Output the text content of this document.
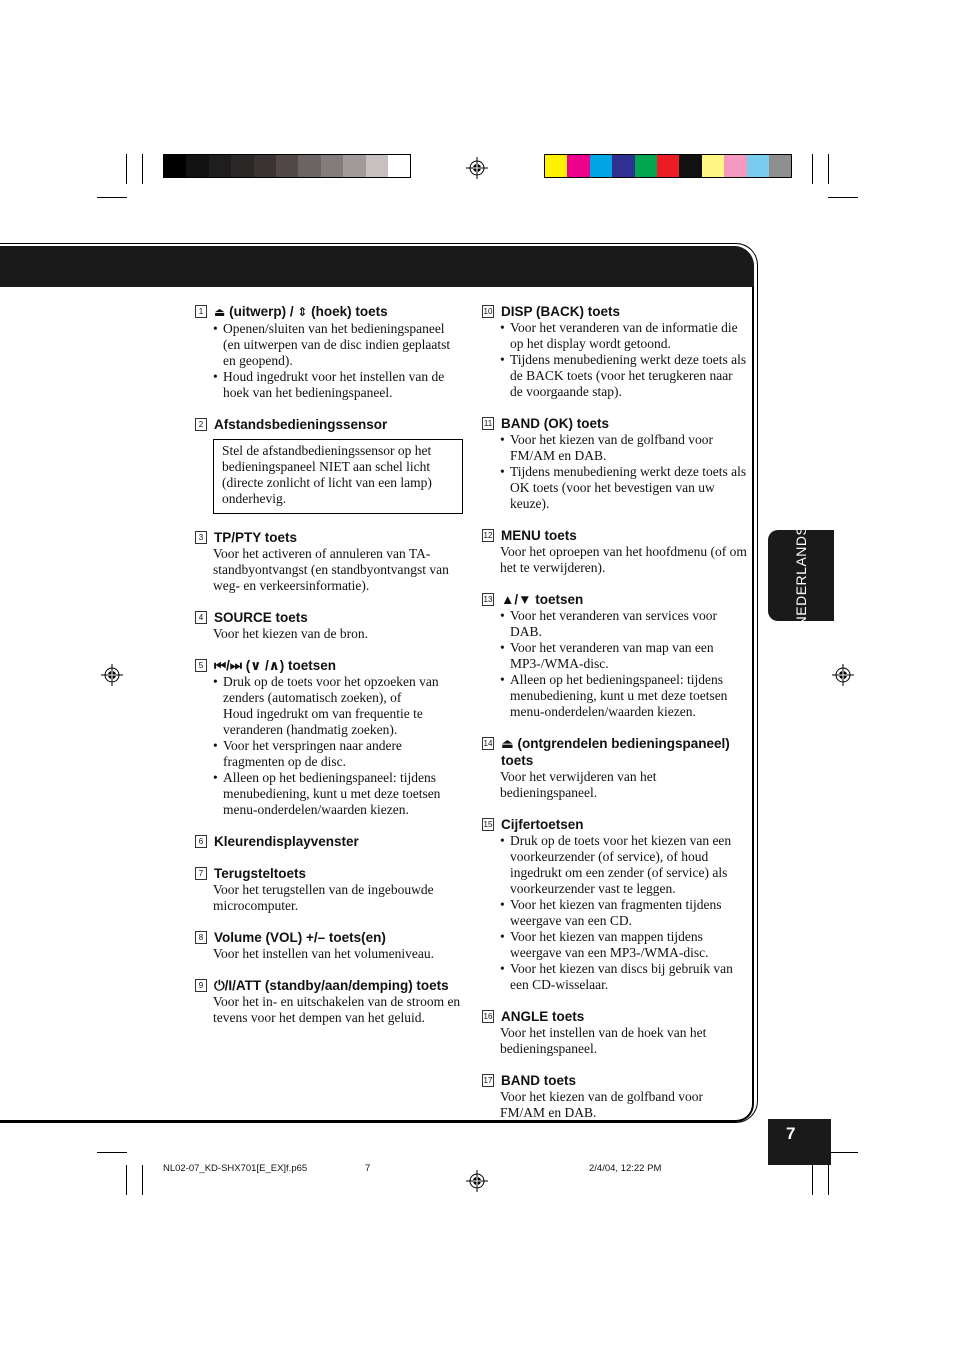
1 ⏏ (uitwerp) / ⇕ (hoek) toets
• Openen/sluiten van het bedieningspaneel (en uitwerpen van de disc indien geplaatst en geopend).
• Houd ingedrukt voor het instellen van de hoek van het bedieningspaneel.
2 Afstandsbedieningssensor
Stel de afstandbedieningssensor op het bedieningspaneel NIET aan schel licht (directe zonlicht of licht van een lamp) onderhevig.
3 TP/PTY toets
Voor het activeren of annuleren van TA-standbyontvangst (en standbyontvangst van weg- en verkeersinformatie).
4 SOURCE toets
Voor het kiezen van de bron.
5 ⏮/⏭ (∨ /∧) toetsen
• Druk op de toets voor het opzoeken van zenders (automatisch zoeken), of
Houd ingedrukt om van frequentie te veranderen (handmatig zoeken).
• Voor het verspringen naar andere fragmenten op de disc.
• Alleen op het bedieningspaneel: tijdens menubediening, kunt u met deze toetsen menu-onderdelen/waarden kiezen.
6 Kleurendisplayvenster
7 Terugsteltoets
Voor het terugstellen van de ingebouwde microcomputer.
8 Volume (VOL) +/– toets(en)
Voor het instellen van het volumeniveau.
9 ⏻/I/ATT (standby/aan/demping) toets
Voor het in- en uitschakelen van de stroom en tevens voor het dempen van het geluid.
10 DISP (BACK) toets
• Voor het veranderen van de informatie die op het display wordt getoond.
• Tijdens menubediening werkt deze toets als de BACK toets (voor het terugkeren naar de voorgaande stap).
11 BAND (OK) toets
• Voor het kiezen van de golfband voor FM/AM en DAB.
• Tijdens menubediening werkt deze toets als OK toets (voor het bevestigen van uw keuze).
12 MENU toets
Voor het oproepen van het hoofdmenu (of om het te verwijderen).
13 ▲/▼ toetsen
• Voor het veranderen van services voor DAB.
• Voor het veranderen van map van een MP3-/WMA-disc.
• Alleen op het bedieningspaneel: tijdens menubediening, kunt u met deze toetsen menu-onderdelen/waarden kiezen.
14 ⏏ (ontgrendelen bedieningspaneel) toets
Voor het verwijderen van het bedieningspaneel.
15 Cijfertoetsen
• Druk op de toets voor het kiezen van een voorkeurzender (of service), of houd ingedrukt om een zender (of service) als voorkeurzender vast te leggen.
• Voor het kiezen van fragmenten tijdens weergave van een CD.
• Voor het kiezen van mappen tijdens weergave van een MP3-/WMA-disc.
• Voor het kiezen van discs bij gebruik van een CD-wisselaar.
16 ANGLE toets
Voor het instellen van de hoek van het bedieningspaneel.
17 BAND toets
Voor het kiezen van de golfband voor FM/AM en DAB.
NEDERLANDS
7
NL02-07_KD-SHX701[E_EX]f.p65	7	2/4/04, 12:22 PM
